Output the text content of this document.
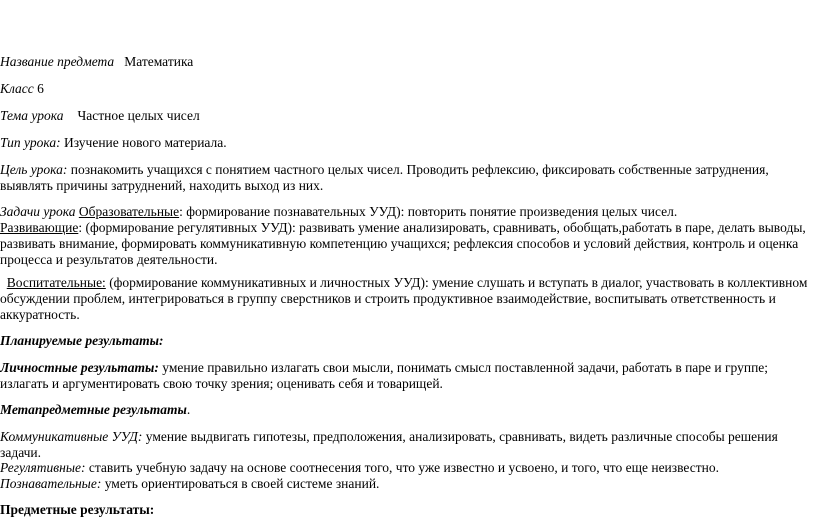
Название предмета Математика
Класс 6
Тема урока Частное целых чисел
Тип урока: Изучение нового материала.
Цель урока: познакомить учащихся с понятием частного целых чисел. Проводить рефлексию, фиксировать собственные затруднения,
выявлять причины затруднений, находить выход из них.
Задачи урока Образовательные: формирование познавательных УУД): повторить понятие произведения целых чисел.
Развивающие: (формирование регулятивных УУД): развивать умение анализировать, сравнивать, обобщать,работать в паре, делать выводы,
развивать внимание, формировать коммуникативную компетенцию учащихся; рефлексия способов и условий действия, контроль и оценка
процесса и результатов деятельности.
Воспитательные: (формирование коммуникативных и личностных УУД): умение слушать и вступать в диалог, участвовать в коллективном
обсуждении проблем, интегрироваться в группу сверстников и строить продуктивное взаимодействие, воспитывать ответственность и
аккуратность.
Планируемые результаты:
Личностные результаты: умение правильно излагать свои мысли, понимать смысл поставленной задачи, работать в паре и группе;
излагать и аргументировать свою точку зрения; оценивать себя и товарищей.
Метапредметные результаты.
Коммуникативные УУД: умение выдвигать гипотезы, предположения, анализировать, сравнивать, видеть различные способы решения
задачи.
Регулятивные: ставить учебную задачу на основе соотнесения того, что уже известно и усвоено, и того, что еще неизвестно.
Познавательные: уметь ориентироваться в своей системе знаний.
Предметные результаты:
